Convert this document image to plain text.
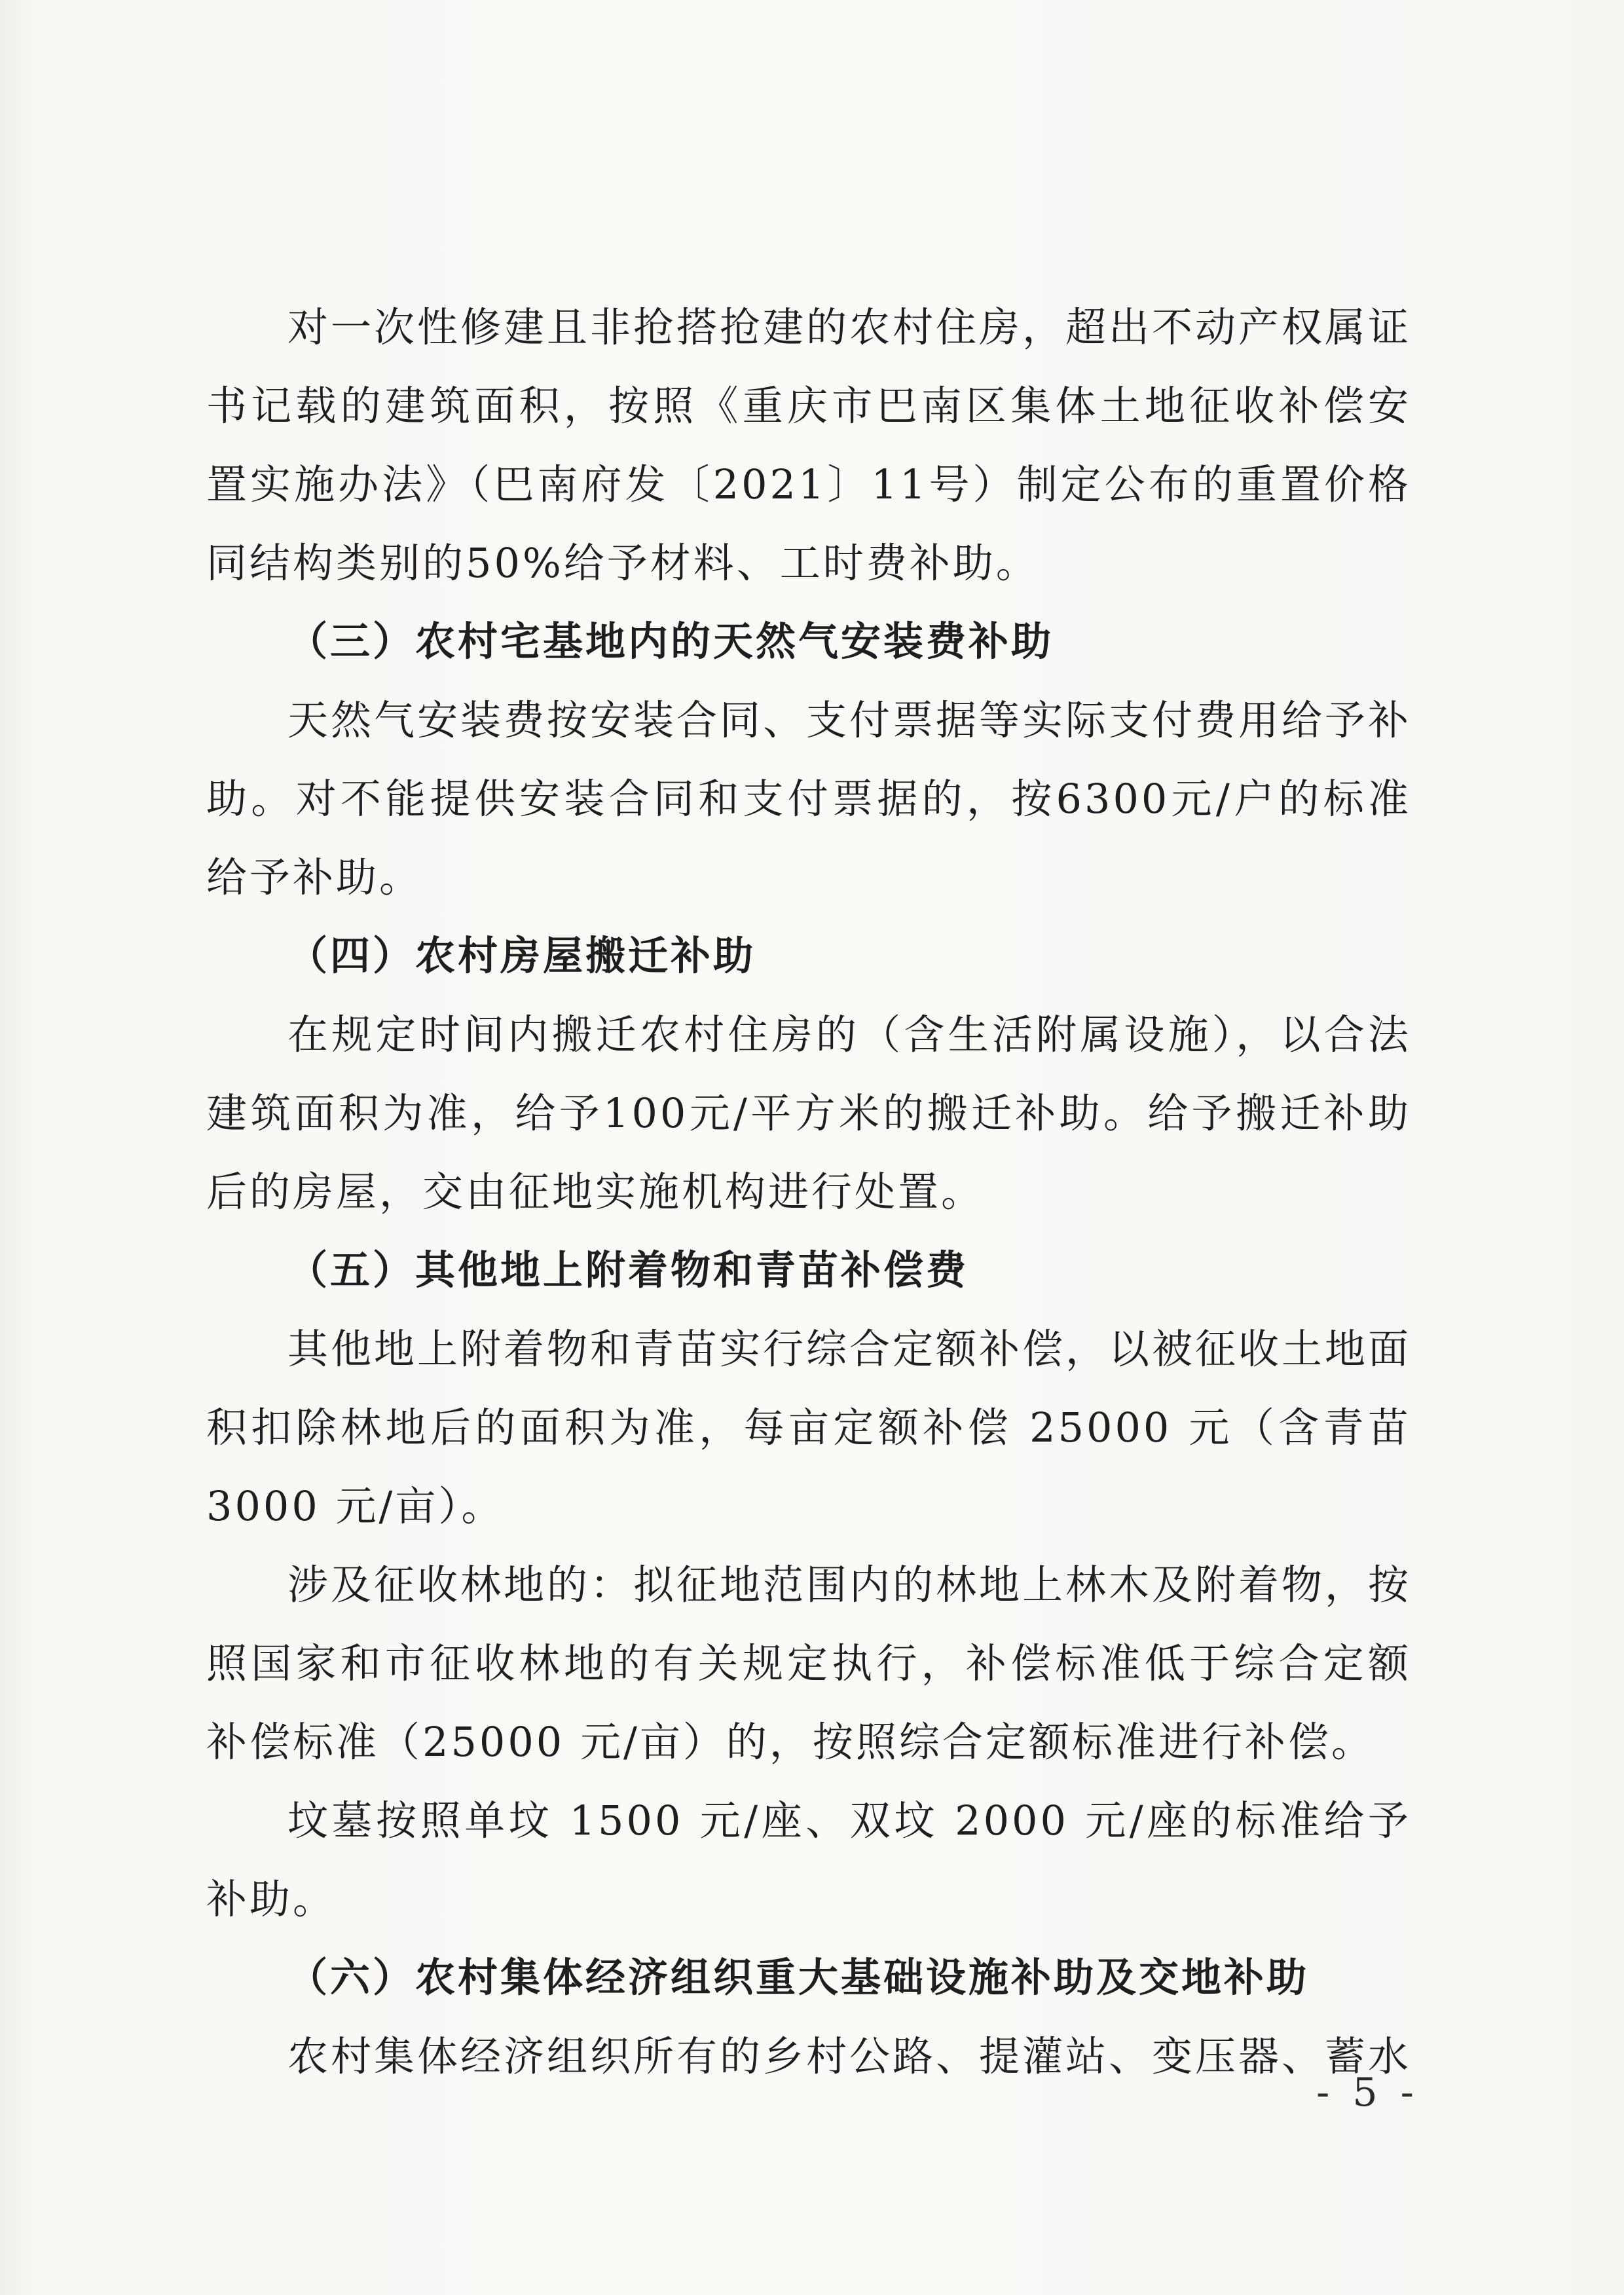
对一次性修建且非抢搭抢建的农村住房，超出不动产权属证书记载的建筑面积，按照《重庆市巴南区集体土地征收补偿安置实施办法》（巴南府发〔2021〕11号）制定公布的重置价格同结构类别的50%给予材料、工时费补助。

（三）农村宅基地内的天然气安装费补助

天然气安装费按安装合同、支付票据等实际支付费用给予补助。对不能提供安装合同和支付票据的，按6300元/户的标准给予补助。

（四）农村房屋搬迁补助

在规定时间内搬迁农村住房的（含生活附属设施），以合法建筑面积为准，给予100元/平方米的搬迁补助。给予搬迁补助后的房屋，交由征地实施机构进行处置。

（五）其他地上附着物和青苗补偿费

其他地上附着物和青苗实行综合定额补偿，以被征收土地面积扣除林地后的面积为准，每亩定额补偿 25000 元（含青苗 3000 元/亩）。

涉及征收林地的：拟征地范围内的林地上林木及附着物，按照国家和市征收林地的有关规定执行，补偿标准低于综合定额补偿标准（25000 元/亩）的，按照综合定额标准进行补偿。

坟墓按照单坟 1500 元/座、双坟 2000 元/座的标准给予补助。

（六）农村集体经济组织重大基础设施补助及交地补助

农村集体经济组织所有的乡村公路、提灌站、变压器、蓄水

- 5 -
